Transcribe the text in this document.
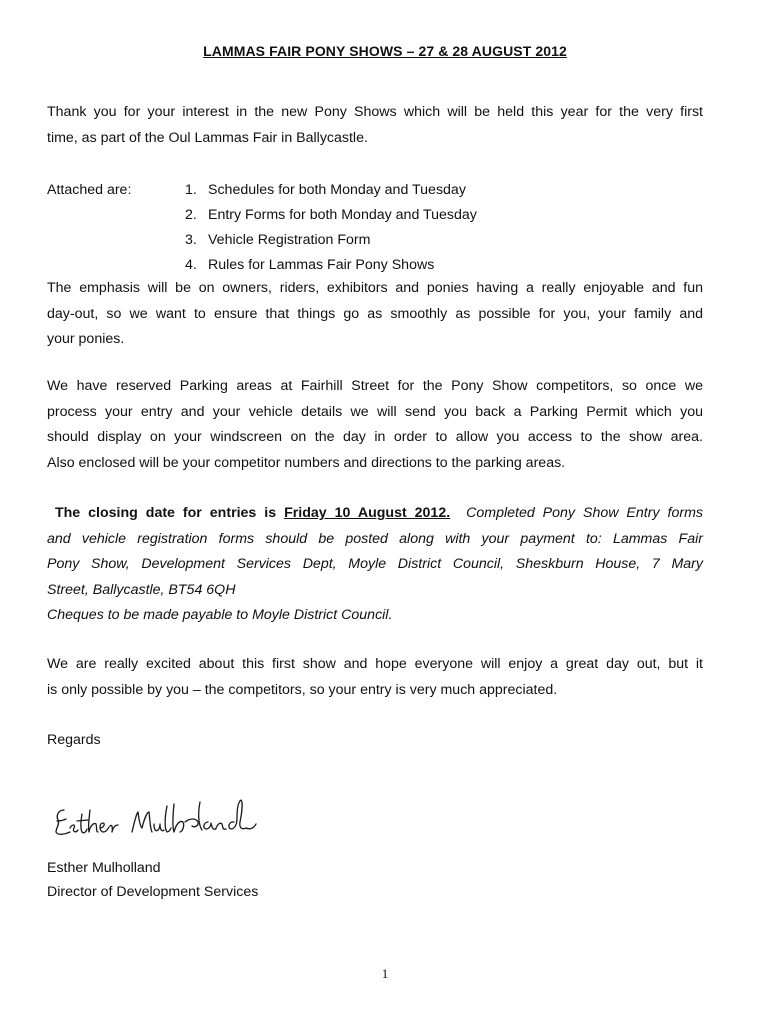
LAMMAS FAIR PONY SHOWS – 27 & 28 AUGUST 2012
Thank you for your interest in the new Pony Shows which will be held this year for the very first
time, as part of the Oul Lammas Fair in Ballycastle.
Attached are:	1. Schedules for both Monday and Tuesday
2. Entry Forms for both Monday and Tuesday
3. Vehicle Registration Form
4. Rules for Lammas Fair Pony Shows
The emphasis will be on owners, riders, exhibitors and ponies having a really enjoyable and fun
day-out, so we want to ensure that things go as smoothly as possible for you, your family and
your ponies.
We have reserved Parking areas at Fairhill Street for the Pony Show competitors, so once we
process your entry and your vehicle details we will send you back a Parking Permit which you
should display on your windscreen on the day in order to allow you access to the show area.
Also enclosed will be your competitor numbers and directions to the parking areas.
The closing date for entries is Friday 10 August 2012. Completed Pony Show Entry forms
and vehicle registration forms should be posted along with your payment to: Lammas Fair
Pony Show, Development Services Dept, Moyle District Council, Sheskburn House, 7 Mary
Street, Ballycastle, BT54 6QH
Cheques to be made payable to Moyle District Council.
We are really excited about this first show and hope everyone will enjoy a great day out, but it
is only possible by you – the competitors, so your entry is very much appreciated.
Regards
Esther Mulholland
Director of Development Services
1
